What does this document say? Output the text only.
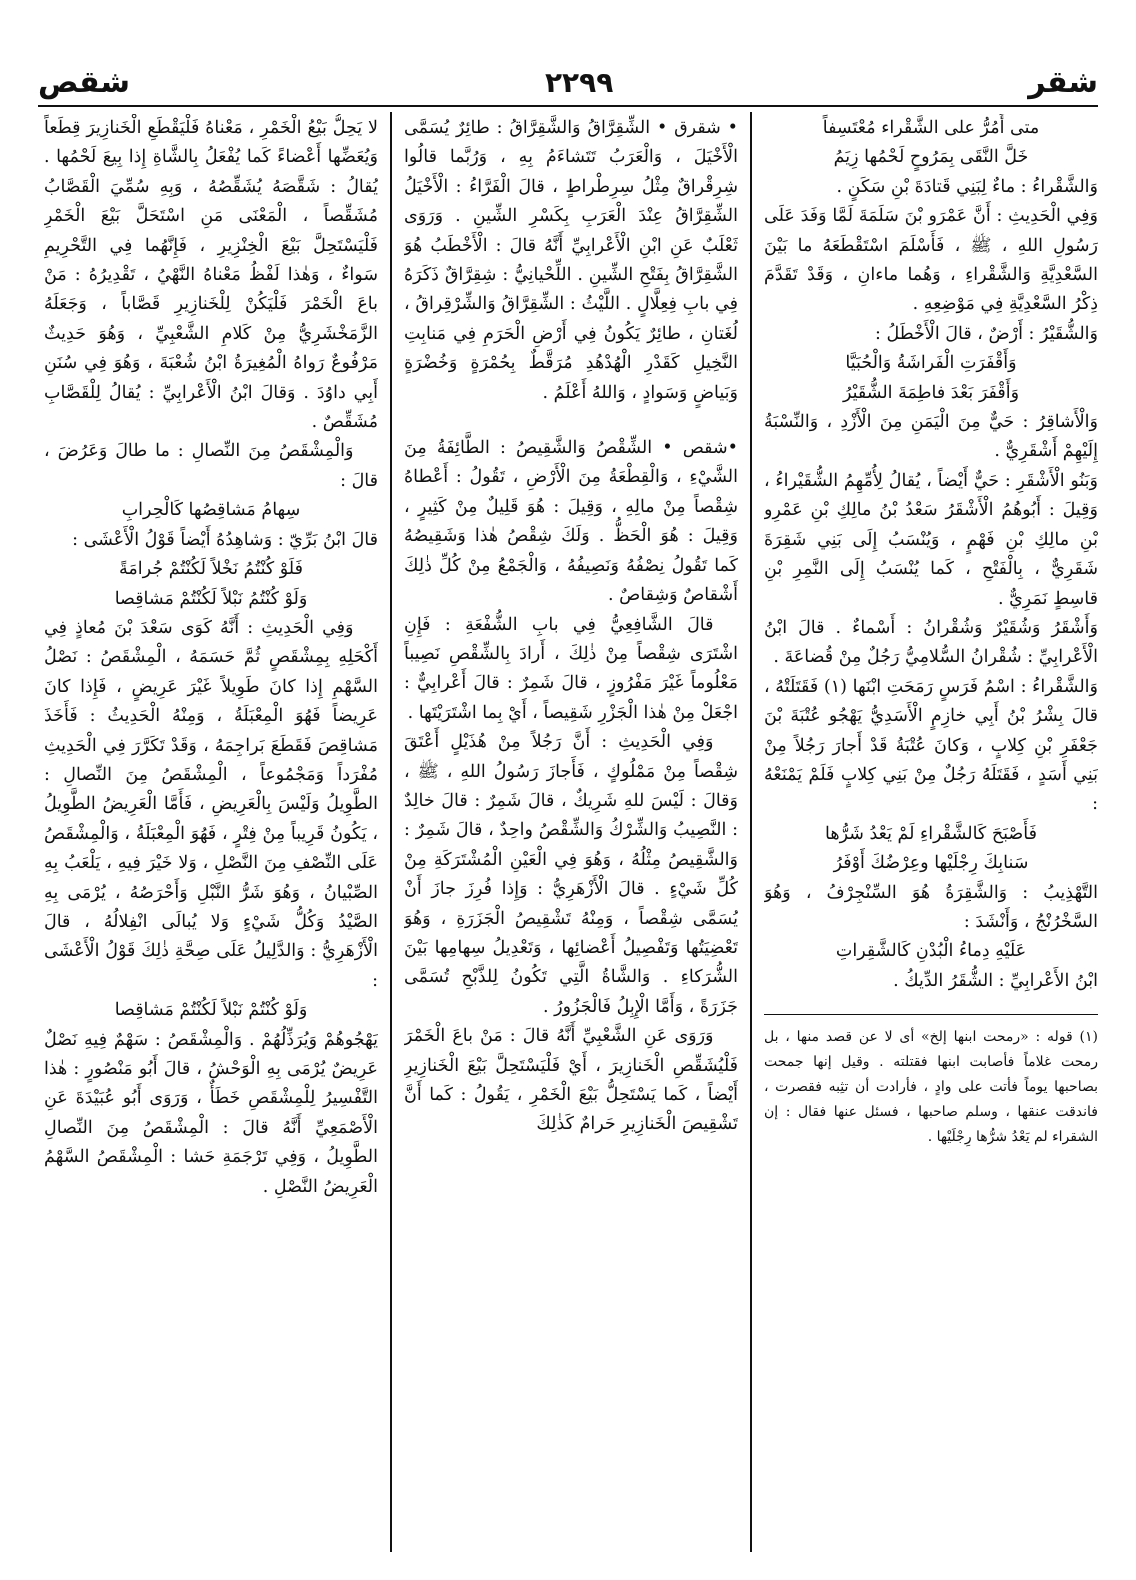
شقر
٢٢٩٩
شقص

متى أَمُرُّ على الشَّقْراء مُعْتَسِفاً

خَلَّ النَّقَى بِمَرُوحٍ لَحْمُها زِيَمُ

وَالشَّقْراءُ : ماءٌ لِبَنِي قَتادَةَ بْنِ سَكَنٍ .

وَفِي الْحَدِيثِ : أَنَّ عَمْرَو بْنَ سَلَمَةَ لَمَّا وَفَدَ عَلَى رَسُولِ اللهِ ، ﷺ ، فَأَسْلَمَ اسْتَقْطَعَهُ ما بَيْنَ السَّعْدِيَّةِ وَالشَّقْراءِ ، وَهُما ماءانِ ، وَقَدْ تَقَدَّمَ ذِكْرُ السَّعْدِيَّةِ فِي مَوْضِعِهِ .

وَالشُّقَيْرُ : أَرْضٌ ، قالَ الْأَخْطَلُ :

وَأَقْفَرَتِ الْفَراشَةُ وَالْحُبَيَّا

وَأَقْفَرَ بَعْدَ فاطِمَةَ الشُّقَيْرُ

وَالْأَشاقِرُ : حَيٌّ مِنَ الْيَمَنِ مِنَ الْأَزْدِ ، وَالنِّسْبَةُ إِلَيْهِمْ أَشْقَرِيٌّ .

وَبَنُو الْأَشْقَرِ : حَيٌّ أَيْضاً ، يُقالُ لِأُمِّهِمُ الشُّقَيْراءُ ، وَقِيلَ : أَبُوهُمُ الْأَشْقَرُ سَعْدُ بْنُ مالِكِ بْنِ عَمْرِو بْنِ مالِكِ بْنِ فَهْمٍ ، وَيُنْسَبُ إِلَى بَنِي شَقِرَةَ شَقَرِيٌّ ، بِالْفَتْحِ ، كَما يُنْسَبُ إِلَى النَّمِرِ بْنِ قاسِطٍ نَمَرِيٌّ .

وَأَشْقَرُ وَشُقَيْرٌ وَشُقْرانُ : أَسْماءٌ . قالَ ابْنُ الْأَعْرابِيِّ : شُقْرانُ السُّلامِيُّ رَجُلٌ مِنْ قُضاعَةَ .

وَالشَّقْراءُ : اسْمُ فَرَسٍ رَمَحَتِ ابْنَها (١) فَقَتَلَتْهُ ، قالَ بِشْرُ بْنُ أَبِي خازِمٍ الْأَسَدِيُّ يَهْجُو عُتْبَةَ بْنَ جَعْفَرِ بْنِ كِلابٍ ، وَكانَ عُتْبَةُ قَدْ أَجارَ رَجُلاً مِنْ بَنِي أَسَدٍ ، فَقَتَلَهُ رَجُلٌ مِنْ بَنِي كِلابٍ فَلَمْ يَمْنَعْهُ :

فَأَصْبَحَ كَالشَّقْراءِ لَمْ يَعْدُ شَرُّها

سَنابِكَ رِجْلَيْها وعِرْضُكَ أَوْفَرُ

التَّهْذِيبُ : وَالشَّقِرَةُ هُوَ السِّنْجِرْفُ ، وَهُوَ السَّخْرُنْجُ ، وَأَنْشَدَ :

عَلَيْهِ دِماءُ الْبُدْنِ كَالشَّقِراتِ

ابْنُ الأَعْرابِيِّ : الشُّقَرُ الدِّيكُ .

(١) قوله : «رمحت ابنها إلخ» أى لا عن قصد منها ، بل رمحت غلاماً فأصابت ابنها فقتلته . وقيل إنها جمحت بصاحبها يوماً فأتت على وادٍ ، فأرادت أن تثِبه فقصرت ، فاندقت عنقها ، وسلم صاحبها ، فسئل عنها فقال : إن الشقراء لم يَعْدُ شرُّها رِجْلَيْها .

• شقرق • الشِّقِرَّاقُ وَالشَّقِرَّاقُ : طائِرٌ يُسَمَّى الْأَخْيَلَ ، وَالْعَرَبُ تَتَشاءَمُ بِهِ ، وَرُبَّما قالُوا شِرِقْراقٌ مِثْلُ سِرِطْراطٍ ، قالَ الْفَرَّاءُ : الْأَخْيَلُ الشِّقِرَّاقُ عِنْدَ الْعَرَبِ بِكَسْرِ الشِّينِ . وَرَوَى ثَعْلَبٌ عَنِ ابْنِ الْأَعْرابِيِّ أَنَّهُ قالَ : الْأَخْطَبُ هُوَ الشَّقِرَّاقُ بِفَتْحِ الشِّينِ . اللِّحْيانِيُّ : شِقِرَّاقٌ ذَكَرَهُ فِي بابِ فِعِلَّالٍ . اللَّيْثُ : الشِّقِرَّاقُ وَالشِّرْقِراقُ ، لُغَتانِ ، طائِرٌ يَكُونُ فِي أَرْضِ الْحَرَمِ فِي مَنابِتِ النَّخِيلِ كَقَدْرِ الْهُدْهُدِ مُرَقَّطٌ بِحُمْرَةٍ وَخُضْرَةٍ وَبَياضٍ وَسَوادٍ ، وَاللهُ أَعْلَمُ .

•شقص • الشِّقْصُ وَالشَّقِيصُ : الطَّائِفَةُ مِنَ الشَّيْءِ ، وَالْقِطْعَةُ مِنَ الْأَرْضِ ، تَقُولُ : أَعْطاهُ شِقْصاً مِنْ مالِهِ ، وَقِيلَ : هُوَ قَلِيلٌ مِنْ كَثِيرٍ ، وَقِيلَ : هُوَ الْحَظُّ . وَلَكَ شِقْصُ هٰذا وَشَقِيصُهُ كَما تَقُولُ نِصْفُهُ وَنَصِيفُهُ ، وَالْجَمْعُ مِنْ كُلِّ ذٰلِكَ أَشْقاصٌ وَشِقاصٌ .

قالَ الشَّافِعِيُّ فِي بابِ الشُّفْعَةِ : فَإِنِ اشْتَرَى شِقْصاً مِنْ ذٰلِكَ ، أَرادَ بِالشِّقْصِ نَصِيباً مَعْلُوماً غَيْرَ مَفْرُوزٍ ، قالَ شَمِرٌ : قالَ أَعْرابِيٌّ : اجْعَلْ مِنْ هٰذا الْجَزْرِ شَقِيصاً ، أَيْ بِما اشْتَرَيْتَها .

وَفِي الْحَدِيثِ : أَنَّ رَجُلاً مِنْ هُذَيْلٍ أَعْتَقَ شِقْصاً مِنْ مَمْلُوكٍ ، فَأَجازَ رَسُولُ اللهِ ، ﷺ ، وَقالَ : لَيْسَ للهِ شَرِيكٌ ، قالَ شَمِرٌ : قالَ خالِدٌ : النَّصِيبُ وَالشِّرْكُ وَالشِّقْصُ واحِدٌ ، قالَ شَمِرٌ : وَالشَّقِيصُ مِثْلُهُ ، وَهُوَ فِي الْعَيْنِ الْمُشْتَرَكَةِ مِنْ كُلِّ شَيْءٍ . قالَ الْأَزْهَرِيُّ : وَإِذا فُرِزَ جازَ أَنْ يُسَمَّى شِقْصاً ، وَمِنْهُ تَشْقِيصُ الْجَزَرَةِ ، وَهُوَ تَعْضِيَتُها وَتَفْصِيلُ أَعْضائِها ، وَتَعْدِيلُ سِهامِها بَيْنَ الشُّرَكاءِ . وَالشَّاةُ الَّتِي تَكُونُ لِلذَّبْحِ تُسَمَّى جَزَرَةً ، وَأَمَّا الْإِبِلُ فَالْجَزُورُ .

وَرَوَى عَنِ الشَّعْبِيِّ أَنَّهُ قالَ : مَنْ باعَ الْخَمْرَ فَلْيُشَقِّصِ الْخَنازِيرَ ، أَيْ فَلْيَسْتَحِلَّ بَيْعَ الْخَنازِيرِ أَيْضاً ، كَما يَسْتَحِلُّ بَيْعَ الْخَمْرِ ، يَقُولُ : كَما أَنَّ تَشْقِيصَ الْخَنازِيرِ حَرامٌ كَذٰلِكَ

لا يَحِلُّ بَيْعُ الْخَمْرِ ، مَعْناهُ فَلْيَقْطَعِ الْخَنازِيرَ قِطَعاً وَيُعَضِّها أَعْضاءً كَما يُفْعَلُ بِالشَّاةِ إِذا بِيعَ لَحْمُها . يُقالُ : شَقَّصَهُ يُشَقِّصُهُ ، وَبِهِ سُمِّيَ الْقَصَّابُ مُشَقِّصاً ، الْمَعْنَى مَنِ اسْتَحَلَّ بَيْعَ الْخَمْرِ فَلْيَسْتَحِلَّ بَيْعَ الْخِنْزِيرِ ، فَإِنَّهُما فِي التَّحْرِيمِ سَواءٌ ، وَهٰذا لَفْظُ مَعْناهُ النَّهْيُ ، تَقْدِيرُهُ : مَنْ باعَ الْخَمْرَ فَلْيَكُنْ لِلْخَنازِيرِ قَصَّاباً ، وَجَعَلَهُ الزَّمَخْشَرِيُّ مِنْ كَلامِ الشَّعْبِيِّ ، وَهُوَ حَدِيثٌ مَرْفُوعٌ رَواهُ الْمُغِيرَةُ ابْنُ شُعْبَةَ ، وَهُوَ فِي سُنَنِ أَبِي داوُدَ . وَقالَ ابْنُ الْأَعْرابِيِّ : يُقالُ لِلْقَصَّابِ مُشَقِّصٌ .

وَالْمِشْقَصُ مِنَ النِّصالِ : ما طالَ وَعَرُضَ ، قالَ :

سِهامُ مَشاقِصُها كَالْحِرابِ

قالَ ابْنُ بَرِّيّ : وَشاهِدُهُ أَيْضاً قَوْلُ الْأَعْشَى :

فَلَوْ كُنْتُمُ نَخْلاً لَكُنْتُمْ جُرامَةً

وَلَوْ كُنْتُمُ نَبْلاً لَكُنْتُمْ مَشاقِصا

وَفِي الْحَدِيثِ : أَنَّهُ كَوَى سَعْدَ بْنَ مُعاذٍ فِي أَكْحَلِهِ بِمِشْقَصٍ ثُمَّ حَسَمَهُ ، الْمِشْقَصُ : نَصْلُ السَّهْمِ إِذا كانَ طَوِيلاً غَيْرَ عَرِيضٍ ، فَإِذا كانَ عَرِيضاً فَهُوَ الْمِعْبَلَةُ ، وَمِنْهُ الْحَدِيثُ : فَأَخَذَ مَشاقِصَ فَقَطَعَ بَراجِمَهُ ، وَقَدْ تَكَرَّرَ فِي الْحَدِيثِ مُفْرَداً وَمَجْمُوعاً ، الْمِشْقَصُ مِنَ النِّصالِ : الطَّوِيلُ وَلَيْسَ بِالْعَرِيضِ ، فَأَمَّا الْعَرِيضُ الطَّوِيلُ ، يَكُونُ قَرِيباً مِنْ فِتْرٍ ، فَهُوَ الْمِعْبَلَةُ ، وَالْمِشْقَصُ عَلَى النِّصْفِ مِنَ النَّصْلِ ، وَلا خَيْرَ فِيهِ ، يَلْعَبُ بِهِ الصِّبْيانُ ، وَهُوَ شَرُّ النَّبْلِ وَأَحْرَصُهُ ، يُرْمَى بِهِ الصَّيْدُ وَكُلُّ شَيْءٍ وَلا يُبالَى انْفِلالُهُ ، قالَ الْأَزْهَرِيُّ : وَالدَّلِيلُ عَلَى صِحَّةِ ذٰلِكَ قَوْلُ الْأَعْشَى :

وَلَوْ كُنْتُمْ نَبْلاً لَكُنْتُمْ مَشاقِصا

يَهْجُوهُمْ وَيُرَذِّلُهُمْ . وَالْمِشْقَصُ : سَهْمٌ فِيهِ نَصْلٌ عَرِيضٌ يُرْمَى بِهِ الْوَحْشُ ، قالَ أَبُو مَنْصُورٍ : هٰذا التَّفْسِيرُ لِلْمِشْقَصِ خَطَأٌ ، وَرَوَى أَبُو عُبَيْدَةَ عَنِ الْأَصْمَعِيِّ أَنَّهُ قالَ : الْمِشْقَصُ مِنَ النِّصالِ الطَّوِيلُ ، وَفِي تَرْجَمَةِ حَشا : الْمِشْقَصُ السَّهْمُ الْعَرِيضُ النَّصْلِ .
